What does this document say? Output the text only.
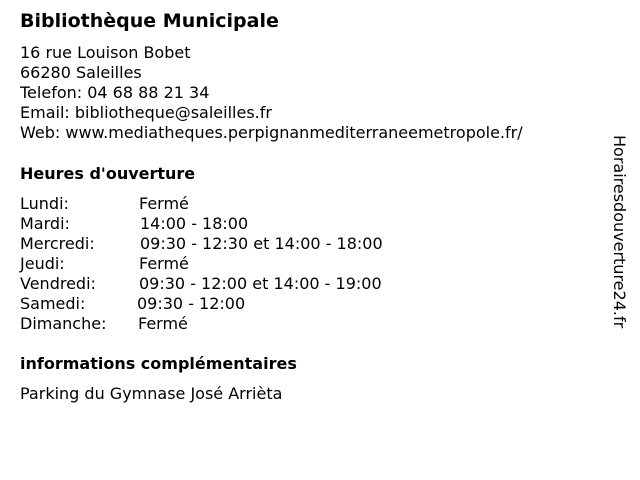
Bibliothèque Municipale
16 rue Louison Bobet
66280 Saleilles
Telefon: 04 68 88 21 34
Email: bibliotheque@saleilles.fr
Web: www.mediatheques.perpignanmediterraneemetropole.fr/
Heures d'ouverture
Lundi:	Fermé
Mardi:	14:00 - 18:00
Mercredi:	09:30 - 12:30 et 14:00 - 18:00
Jeudi:	Fermé
Vendredi:	09:30 - 12:00 et 14:00 - 19:00
Samedi:	09:30 - 12:00
Dimanche: Fermé
informations complémentaires
Parking du Gymnase José Arrièta
Horairesdouverture24.fr
